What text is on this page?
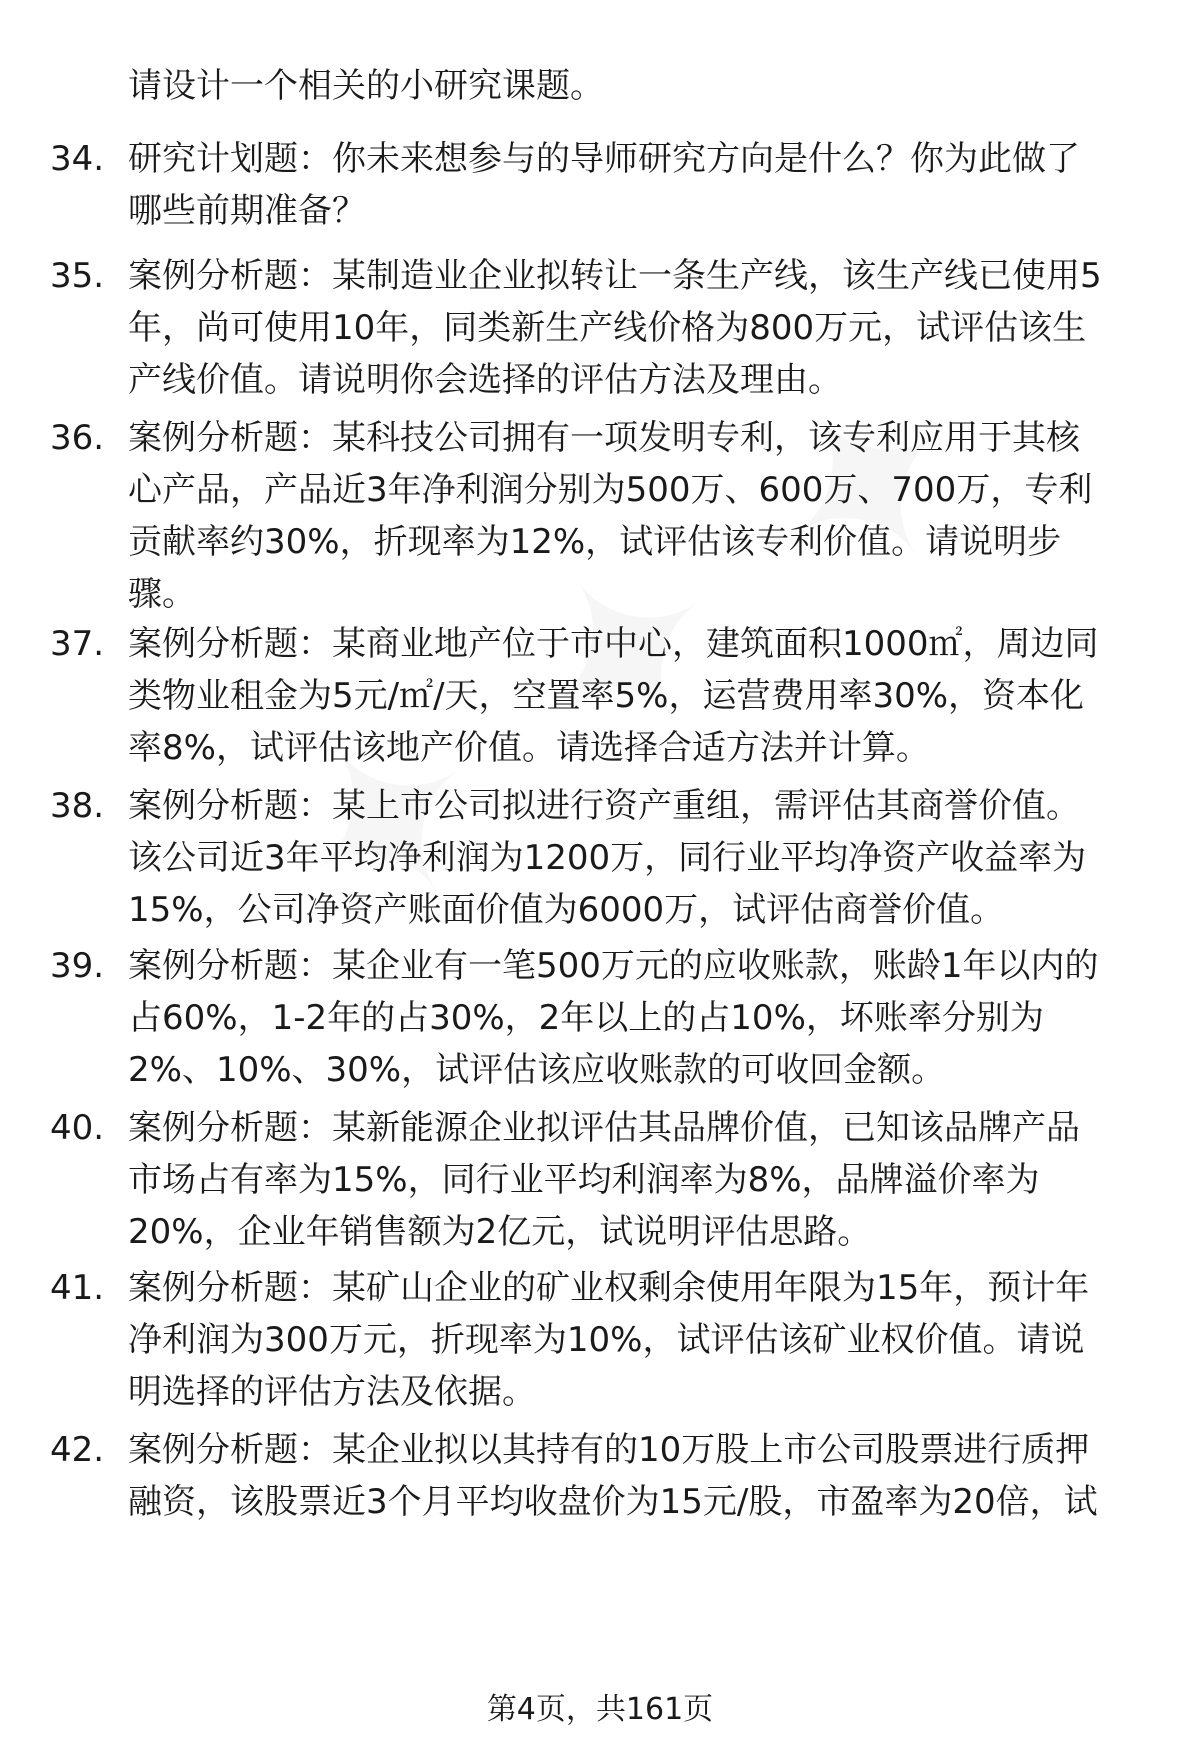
请设计一个相关的小研究课题。
34. 研究计划题：你未来想参与的导师研究方向是什么？你为此做了
哪些前期准备？
35. 案例分析题：某制造业企业拟转让一条生产线，该生产线已使用5
年，尚可使用10年，同类新生产线价格为800万元，试评估该生
产线价值。请说明你会选择的评估方法及理由。
36. 案例分析题：某科技公司拥有一项发明专利，该专利应用于其核
心产品，产品近3年净利润分别为500万、600万、700万，专利
贡献率约30%，折现率为12%，试评估该专利价值。请说明步
骤。
37. 案例分析题：某商业地产位于市中心，建筑面积1000㎡，周边同
类物业租金为5元/㎡/天，空置率5%，运营费用率30%，资本化
率8%，试评估该地产价值。请选择合适方法并计算。
38. 案例分析题：某上市公司拟进行资产重组，需评估其商誉价值。
该公司近3年平均净利润为1200万，同行业平均净资产收益率为
15%，公司净资产账面价值为6000万，试评估商誉价值。
39. 案例分析题：某企业有一笔500万元的应收账款，账龄1年以内的
占60%，1-2年的占30%，2年以上的占10%，坏账率分别为
2%、10%、30%，试评估该应收账款的可收回金额。
40. 案例分析题：某新能源企业拟评估其品牌价值，已知该品牌产品
市场占有率为15%，同行业平均利润率为8%，品牌溢价率为
20%，企业年销售额为2亿元，试说明评估思路。
41. 案例分析题：某矿山企业的矿业权剩余使用年限为15年，预计年
净利润为300万元，折现率为10%，试评估该矿业权价值。请说
明选择的评估方法及依据。
42. 案例分析题：某企业拟以其持有的10万股上市公司股票进行质押
融资，该股票近3个月平均收盘价为15元/股，市盈率为20倍，试
第4页，共161页
